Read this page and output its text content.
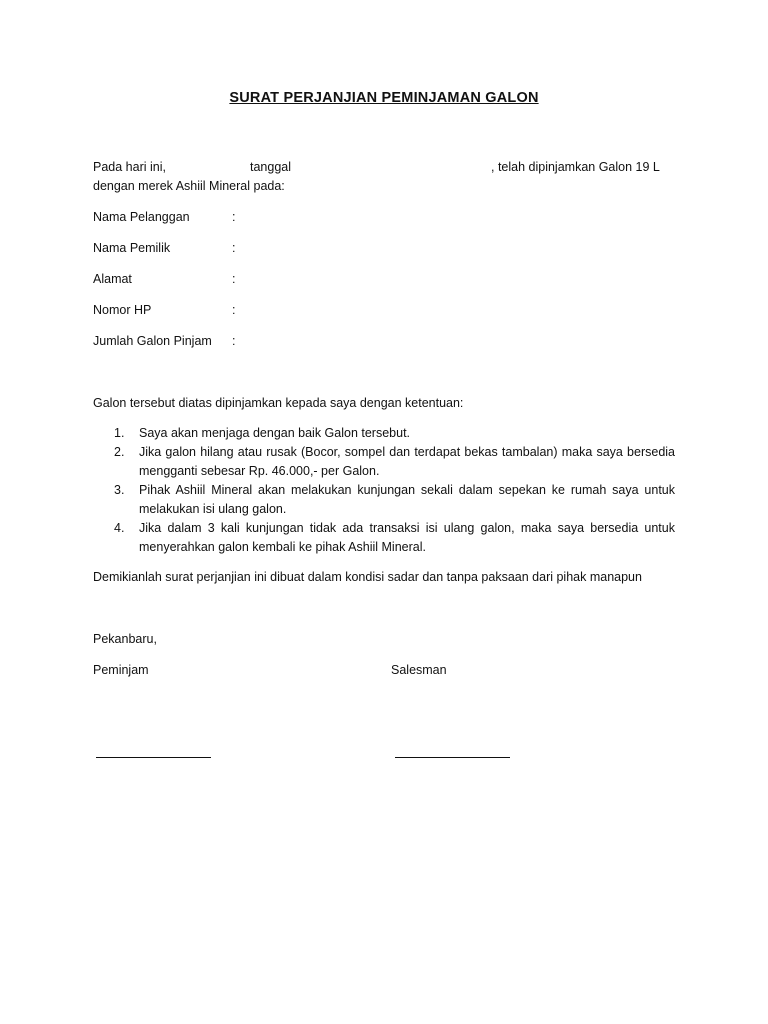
SURAT PERJANJIAN PEMINJAMAN GALON
Pada hari ini,	tanggal	, telah dipinjamkan Galon 19 L
dengan merek Ashiil Mineral pada:
Nama Pelanggan	:
Nama Pemilik	:
Alamat	:
Nomor HP	:
Jumlah Galon Pinjam :
Galon tersebut diatas dipinjamkan kepada saya dengan ketentuan:
1.	Saya akan menjaga dengan baik Galon tersebut.
2.	Jika galon hilang atau rusak (Bocor, sompel dan terdapat bekas tambalan) maka saya bersedia mengganti sebesar Rp. 46.000,- per Galon.
3.	Pihak Ashiil Mineral akan melakukan kunjungan sekali dalam sepekan ke rumah saya untuk melakukan isi ulang galon.
4.	Jika dalam 3 kali kunjungan tidak ada transaksi isi ulang galon, maka saya bersedia untuk menyerahkan galon kembali ke pihak Ashiil Mineral.
Demikianlah surat perjanjian ini dibuat dalam kondisi sadar dan tanpa paksaan dari pihak manapun
Pekanbaru,
Peminjam	Salesman
